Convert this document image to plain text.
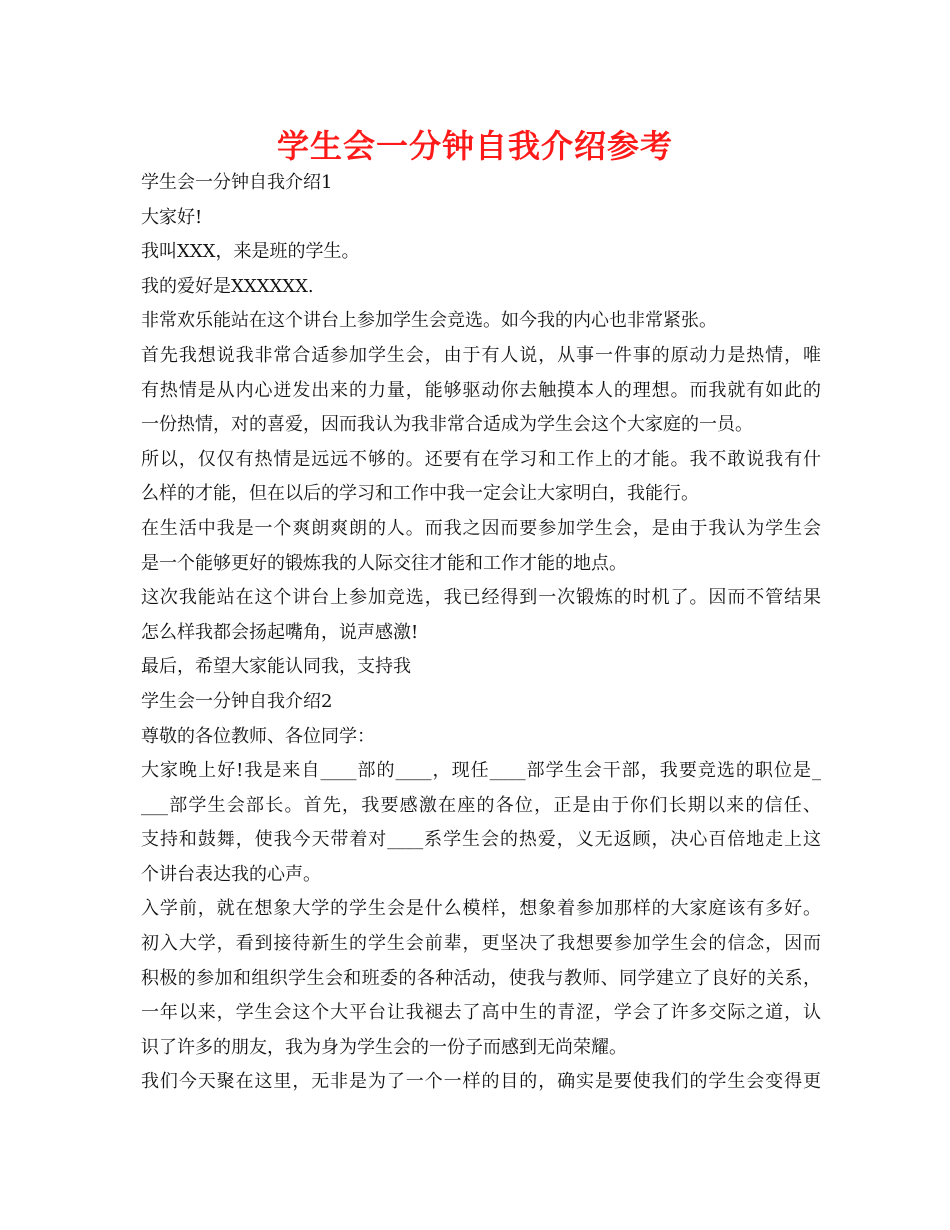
学生会一分钟自我介绍参考
学生会一分钟自我介绍1
大家好!
我叫XXX，来是班的学生。
我的爱好是XXXXXX.
非常欢乐能站在这个讲台上参加学生会竞选。如今我的内心也非常紧张。
首先我想说我非常合适参加学生会，由于有人说，从事一件事的原动力是热情，唯
有热情是从内心迸发出来的力量，能够驱动你去触摸本人的理想。而我就有如此的
一份热情，对的喜爱，因而我认为我非常合适成为学生会这个大家庭的一员。
所以，仅仅有热情是远远不够的。还要有在学习和工作上的才能。我不敢说我有什
么样的才能，但在以后的学习和工作中我一定会让大家明白，我能行。
在生活中我是一个爽朗爽朗的人。而我之因而要参加学生会，是由于我认为学生会
是一个能够更好的锻炼我的人际交往才能和工作才能的地点。
这次我能站在这个讲台上参加竞选，我已经得到一次锻炼的时机了。因而不管结果
怎么样我都会扬起嘴角，说声感激!
最后，希望大家能认同我，支持我
学生会一分钟自我介绍2
尊敬的各位教师、各位同学：
大家晚上好!我是来自____部的____，现任____部学生会干部，我要竞选的职位是_
___部学生会部长。首先，我要感激在座的各位，正是由于你们长期以来的信任、
支持和鼓舞，使我今天带着对____系学生会的热爱，义无返顾，决心百倍地走上这
个讲台表达我的心声。
入学前，就在想象大学的学生会是什么模样，想象着参加那样的大家庭该有多好。
初入大学，看到接待新生的学生会前辈，更坚决了我想要参加学生会的信念，因而
积极的参加和组织学生会和班委的各种活动，使我与教师、同学建立了良好的关系，
一年以来，学生会这个大平台让我褪去了高中生的青涩，学会了许多交际之道，认
识了许多的朋友，我为身为学生会的一份子而感到无尚荣耀。
我们今天聚在这里，无非是为了一个一样的目的，确实是要使我们的学生会变得更
